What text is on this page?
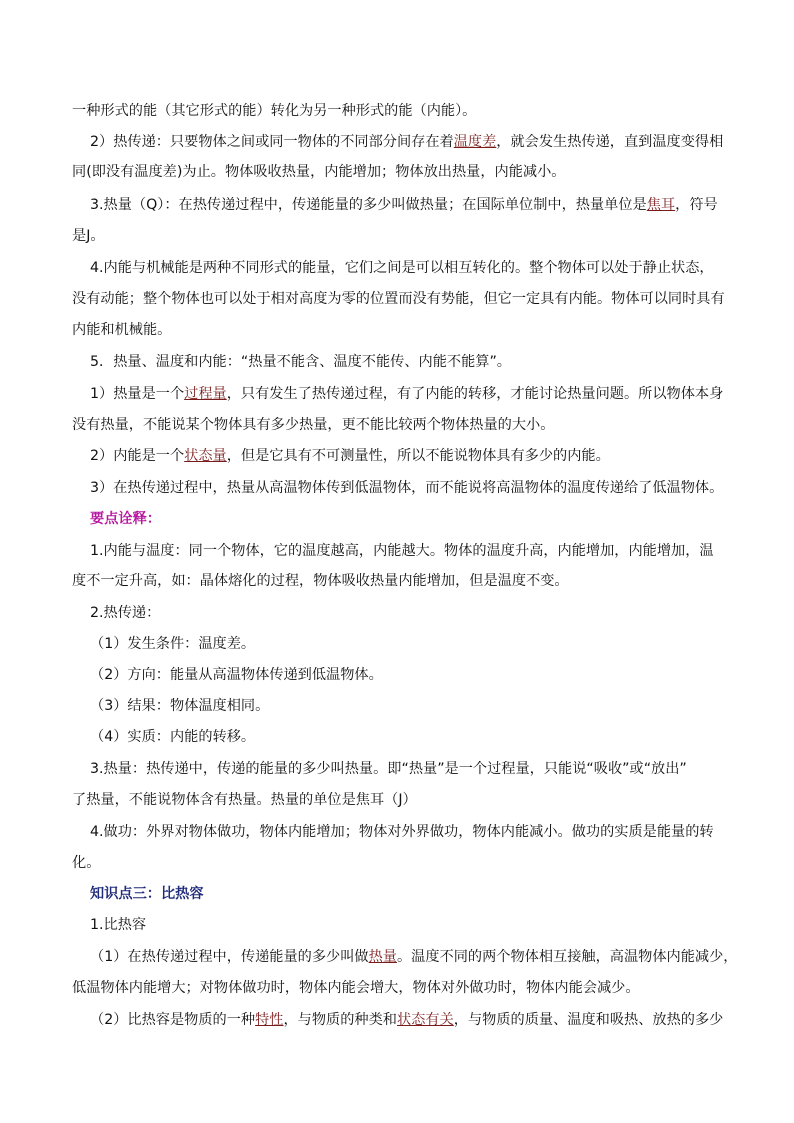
一种形式的能（其它形式的能）转化为另一种形式的能（内能）。
2）热传递：只要物体之间或同一物体的不同部分间存在着温度差，就会发生热传递，直到温度变得相
同(即没有温度差)为止。物体吸收热量，内能增加；物体放出热量，内能减小。
3.热量（Q）：在热传递过程中，传递能量的多少叫做热量；在国际单位制中，热量单位是焦耳，符号
是J。
4.内能与机械能是两种不同形式的能量，它们之间是可以相互转化的。整个物体可以处于静止状态，
没有动能；整个物体也可以处于相对高度为零的位置而没有势能，但它一定具有内能。物体可以同时具有
内能和机械能。
5．热量、温度和内能：“热量不能含、温度不能传、内能不能算”。
1）热量是一个过程量，只有发生了热传递过程，有了内能的转移，才能讨论热量问题。所以物体本身
没有热量，不能说某个物体具有多少热量，更不能比较两个物体热量的大小。
2）内能是一个状态量，但是它具有不可测量性，所以不能说物体具有多少的内能。
3）在热传递过程中，热量从高温物体传到低温物体，而不能说将高温物体的温度传递给了低温物体。
要点诠释：
1.内能与温度：同一个物体，它的温度越高，内能越大。物体的温度升高，内能增加，内能增加，温
度不一定升高，如：晶体熔化的过程，物体吸收热量内能增加，但是温度不变。
2.热传递：
（1）发生条件：温度差。
（2）方向：能量从高温物体传递到低温物体。
（3）结果：物体温度相同。
（4）实质：内能的转移。
3.热量：热传递中，传递的能量的多少叫热量。即“热量”是一个过程量，只能说“吸收”或“放出”
了热量，不能说物体含有热量。热量的单位是焦耳（J）
4.做功：外界对物体做功，物体内能增加；物体对外界做功，物体内能减小。做功的实质是能量的转
化。
知识点三：比热容
1.比热容
（1）在热传递过程中，传递能量的多少叫做热量。温度不同的两个物体相互接触，高温物体内能减少，
低温物体内能增大；对物体做功时，物体内能会增大，物体对外做功时，物体内能会减少。
（2）比热容是物质的一种特性，与物质的种类和状态有关，与物质的质量、温度和吸热、放热的多少
